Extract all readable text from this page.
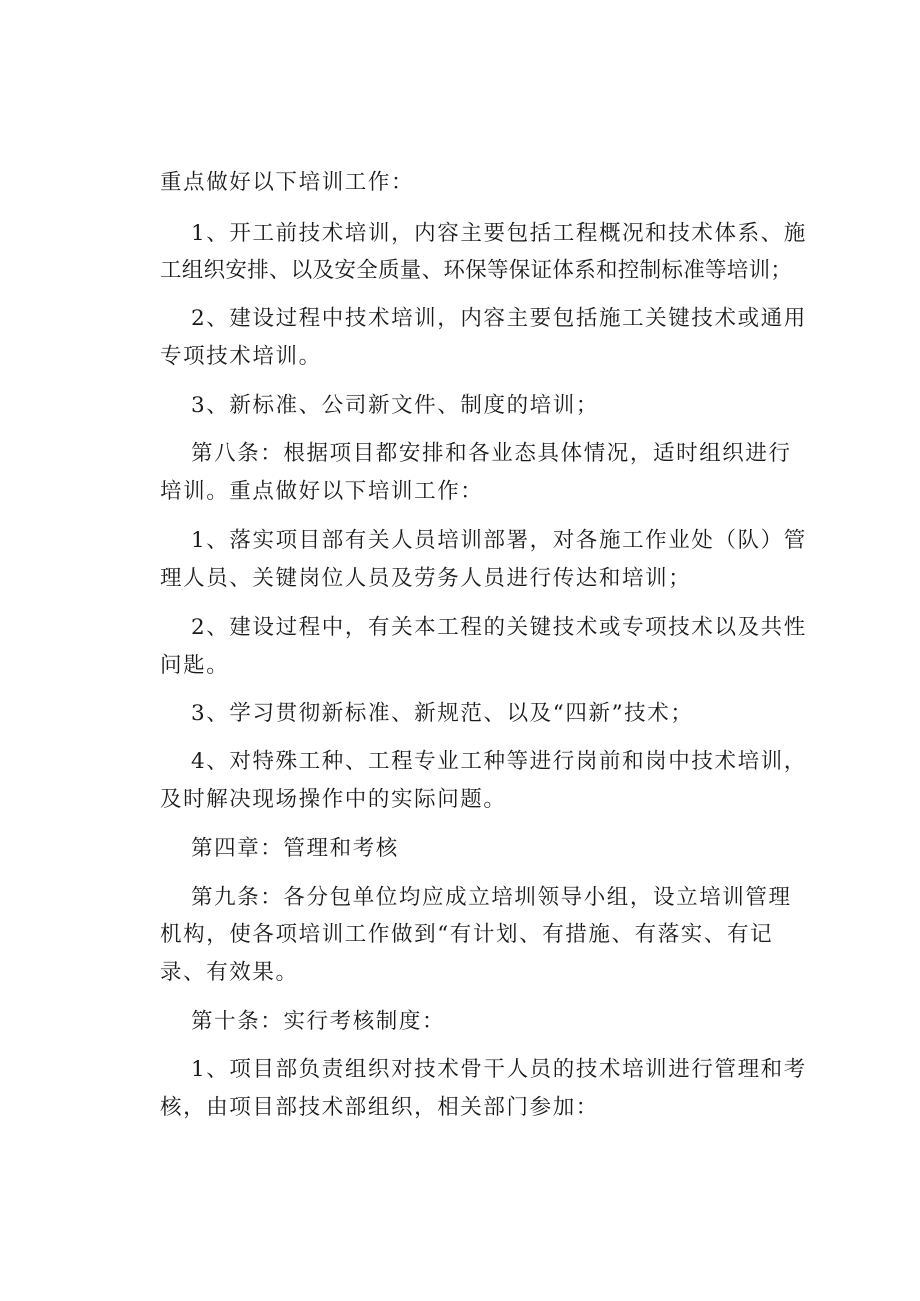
重点做好以下培训工作：

1、开工前技术培训，内容主要包括工程概况和技术体系、施

工组织安排、以及安全质量、环保等保证体系和控制标准等培训；

2、建设过程中技术培训，内容主要包括施工关键技术或通用

专项技术培训。

3、新标准、公司新文件、制度的培训；

第八条：根据项目都安排和各业态具体情况，适时组织进行

培训。重点做好以下培训工作：

1、落实项目部有关人员培训部署，对各施工作业处（队）管

理人员、关键岗位人员及劳务人员进行传达和培训；

2、建设过程中，有关本工程的关键技术或专项技术以及共性

问匙。

3、学习贯彻新标准、新规范、以及“四新”技术；

4、对特殊工种、工程专业工种等进行岗前和岗中技术培训，

及时解决现场操作中的实际问题。

第四章：管理和考核

第九条：各分包单位均应成立培圳领导小组，设立培训管理

机构，使各项培训工作做到“有计划、有措施、有落实、有记

录、有效果。

第十条：实行考核制度：

1、项目部负责组织对技术骨干人员的技术培训进行管理和考

核，由项目部技术部组织，相关部门参加：
